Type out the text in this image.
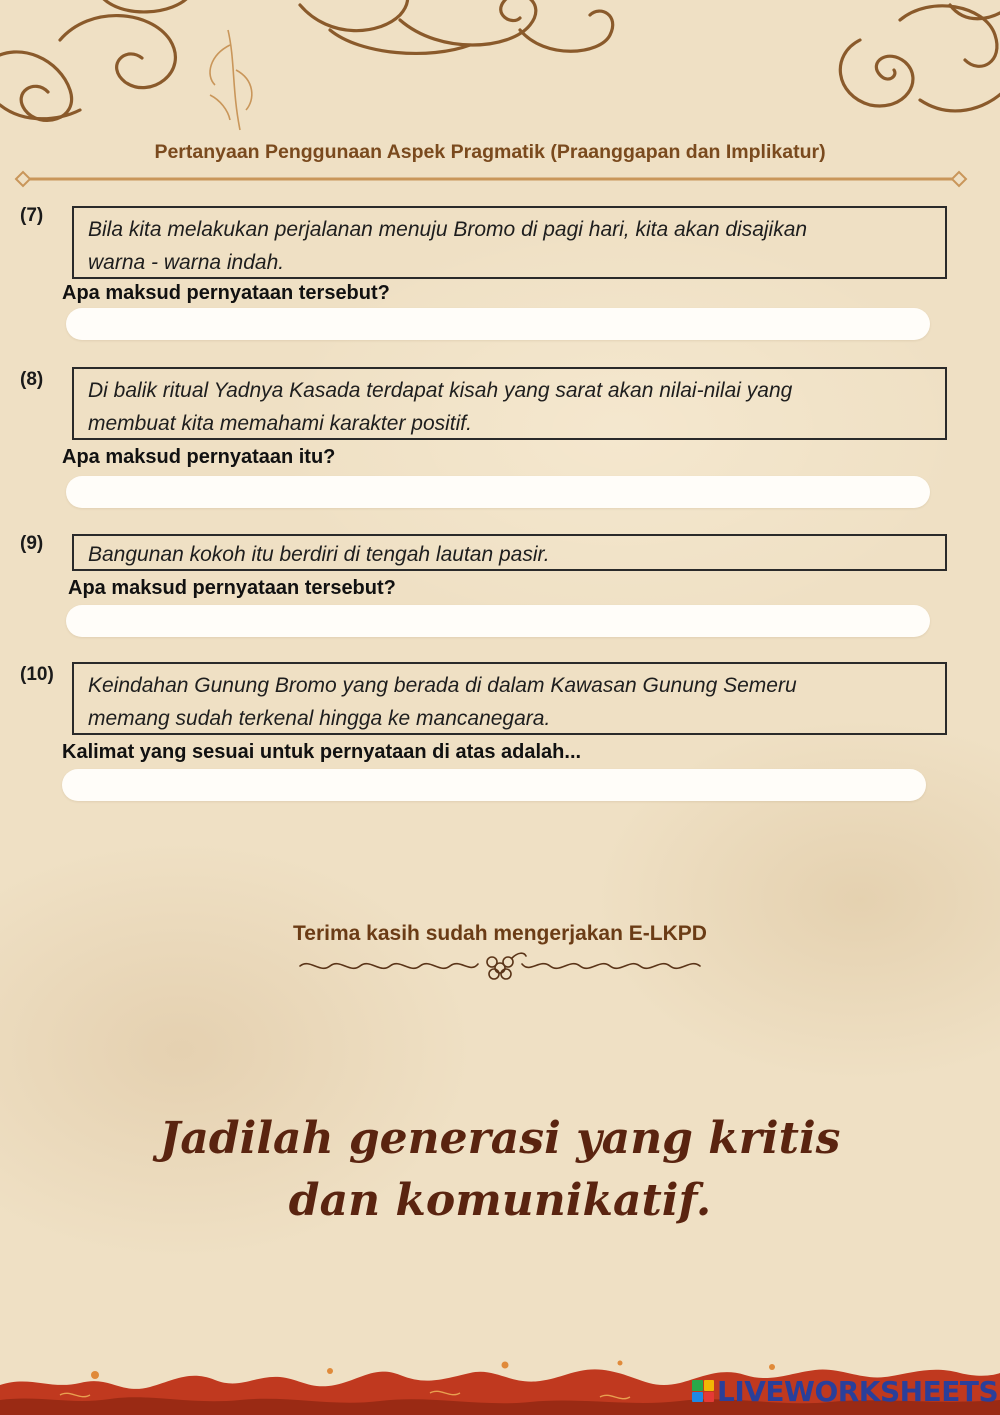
Pertanyaan Penggunaan Aspek Pragmatik (Praanggapan dan Implikatur)
(7)
Bila kita melakukan perjalanan menuju Bromo di pagi hari, kita akan disajikan
warna - warna indah.
Apa maksud pernyataan tersebut?
(8) Di balik ritual Yadnya Kasada terdapat kisah yang sarat akan nilai-nilai yang
membuat kita memahami karakter positif.
Apa maksud pernyataan itu?
(9) Bangunan kokoh itu berdiri di tengah lautan pasir.
Apa maksud pernyataan tersebut?
(10) Keindahan Gunung Bromo yang berada di dalam Kawasan Gunung Semeru
memang sudah terkenal hingga ke mancanegara.
Kalimat yang sesuai untuk pernyataan di atas adalah...
Terima kasih sudah mengerjakan E-LKPD
Jadilah generasi yang kritis
dan komunikatif.
LIVEWORKSHEETS
